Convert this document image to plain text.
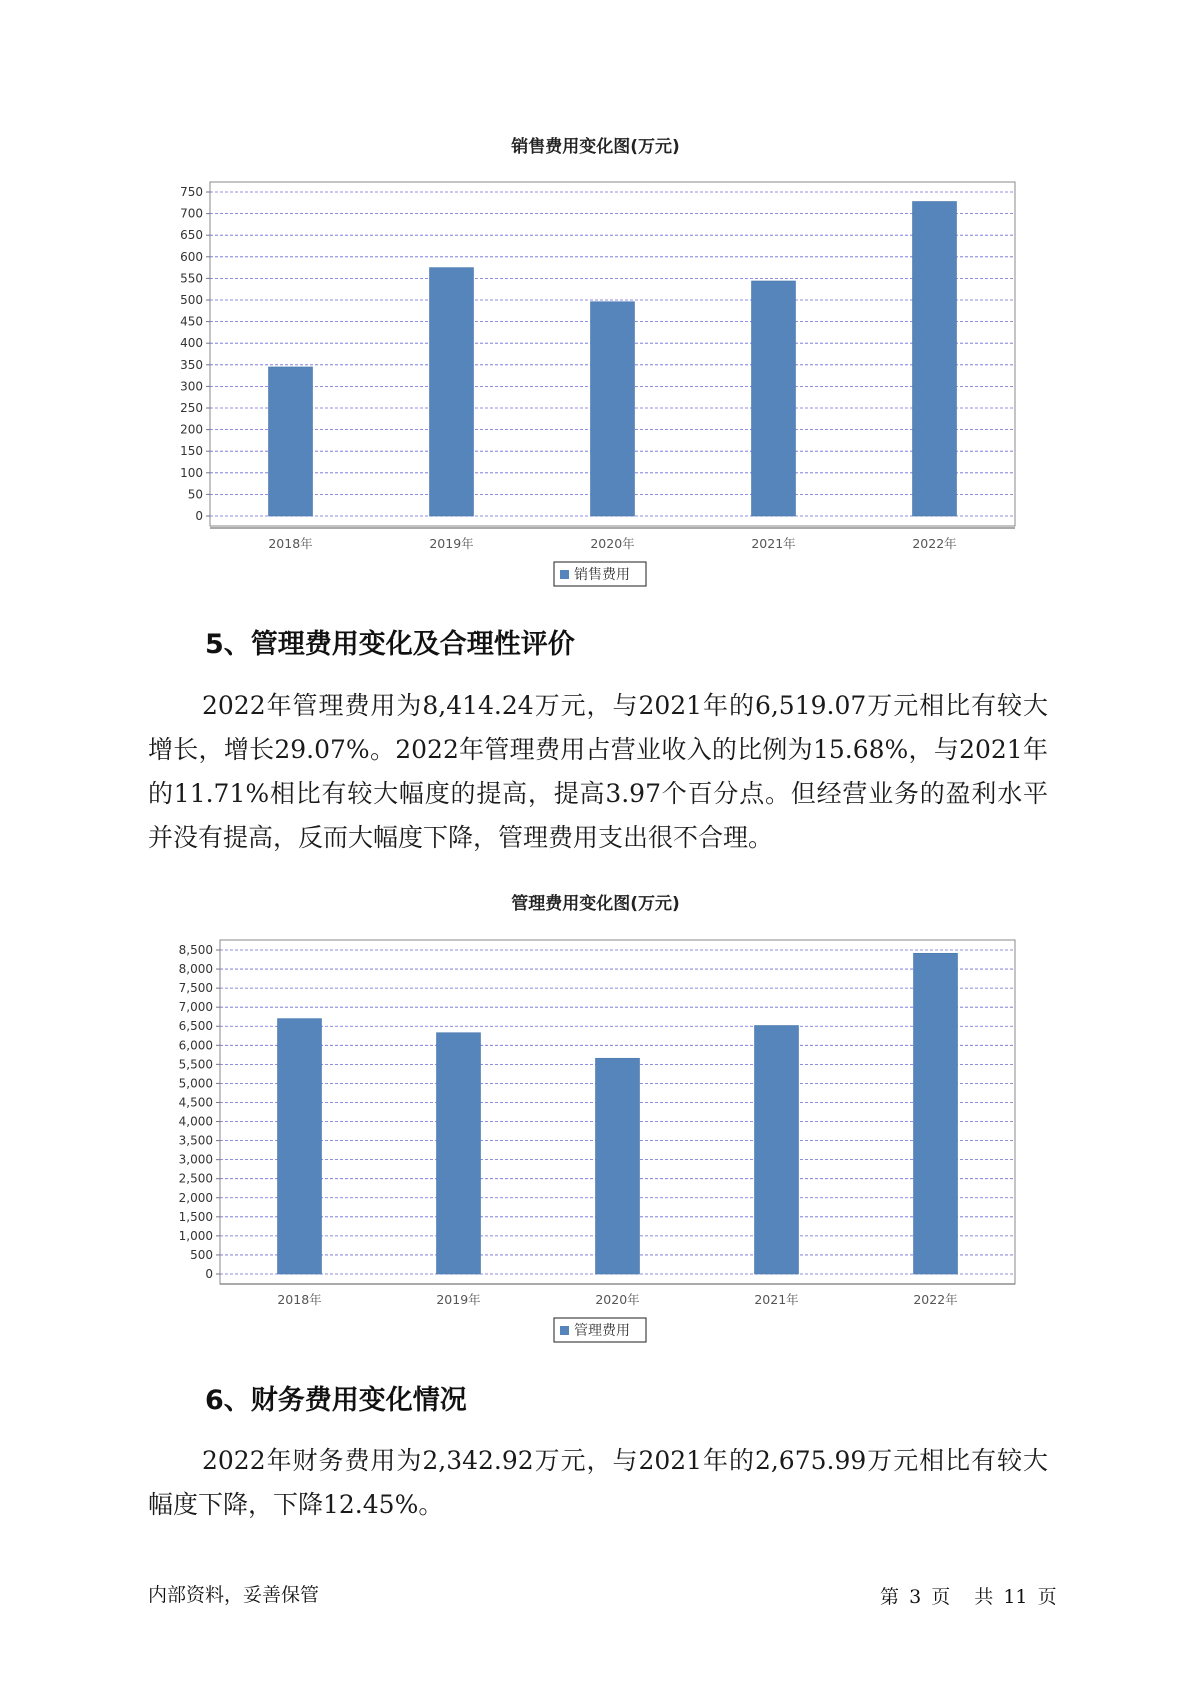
销售费用变化图(万元)
0
50
100
150
200
250
300
350
400
450
500
550
600
650
700
750
2018年	2019年	2020年	2021年	2022年
销售费用
5、管理费用变化及合理性评价

2022年管理费用为8,414.24万元，与2021年的6,519.07万元相比有较大增长，增长29.07%。2022年管理费用占营业收入的比例为15.68%，与2021年的11.71%相比有较大幅度的提高，提高3.97个百分点。但经营业务的盈利水平并没有提高，反而大幅度下降，管理费用支出很不合理。

管理费用变化图(万元)
0
500
1,000
1,500
2,000
2,500
3,000
3,500
4,000
4,500
5,000
5,500
6,000
6,500
7,000
7,500
8,000
8,500
2018年	2019年	2020年	2021年	2022年
管理费用
6、财务费用变化情况

2022年财务费用为2,342.92万元，与2021年的2,675.99万元相比有较大幅度下降，下降12.45%。

内部资料，妥善保管	第 3 页 共 11 页
